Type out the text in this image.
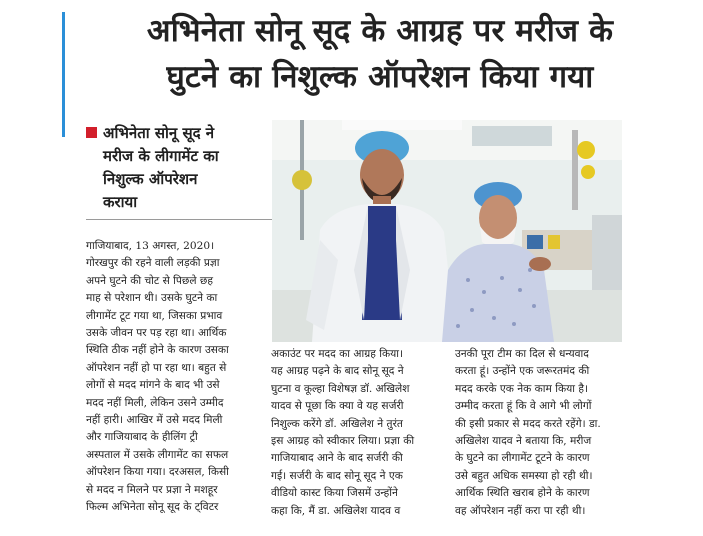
अभिनेता सोनू सूद के आग्रह पर मरीज के
घुटने का निशुल्क ऑपरेशन किया गया
अभिनेता सोनू सूद ने
मरीज के लीगामेंट का
निशुल्क ऑपरेशन
कराया
गाजियाबाद, 13 अगस्त, 2020।
गोरखपुर की रहने वाली लड़की प्रज्ञा
अपने घुटने की चोट से पिछले छह
माह से परेशान थी। उसके घुटने का
लीगामेंट टूट गया था, जिसका प्रभाव
उसके जीवन पर पड़ रहा था। आर्थिक
स्थिति ठीक नहीं होने के कारण उसका
ऑपरेशन नहीं हो पा रहा था। बहुत से
लोगों से मदद मांगने के बाद भी उसे
मदद नहीं मिली, लेकिन उसने उम्मीद
नहीं हारी। आखिर में उसे मदद मिली
और गाजियाबाद के हीलिंग ट्री
अस्पताल में उसके लीगामेंट का सफल
ऑपरेशन किया गया। दरअसल, किसी
से मदद न मिलने पर प्रज्ञा ने मशहूर
फिल्म अभिनेता सोनू सूद के ट्विटर
अकाउंट पर मदद का आग्रह किया।
यह आग्रह पढ़ने के बाद सोनू सूद ने
घुटना व कूल्हा विशेषज्ञ डॉ. अखिलेश
यादव से पूछा कि क्या वे यह सर्जरी
निशुल्क करेंगे डॉ. अखिलेश ने तुरंत
इस आग्रह को स्वीकार लिया। प्रज्ञा की
गाजियाबाद आने के बाद सर्जरी की
गई। सर्जरी के बाद सोनू सूद ने एक
वीडियो कास्ट किया जिसमें उन्होंने
कहा कि, मैं डा. अखिलेश यादव व
उनकी पूरा टीम का दिल से धन्यवाद
करता हूं। उन्होंने एक जरूरतमंद की
मदद करके एक नेक काम किया है।
उम्मीद करता हूं कि वे आगे भी लोगों
की इसी प्रकार से मदद करते रहेंगे। डा.
अखिलेश यादव ने बताया कि, मरीज
के घुटने का लीगामेंट टूटने के कारण
उसे बहुत अधिक समस्या हो रही थी।
आर्थिक स्थिति खराब होने के कारण
वह ऑपरेशन नहीं करा पा रही थी।
